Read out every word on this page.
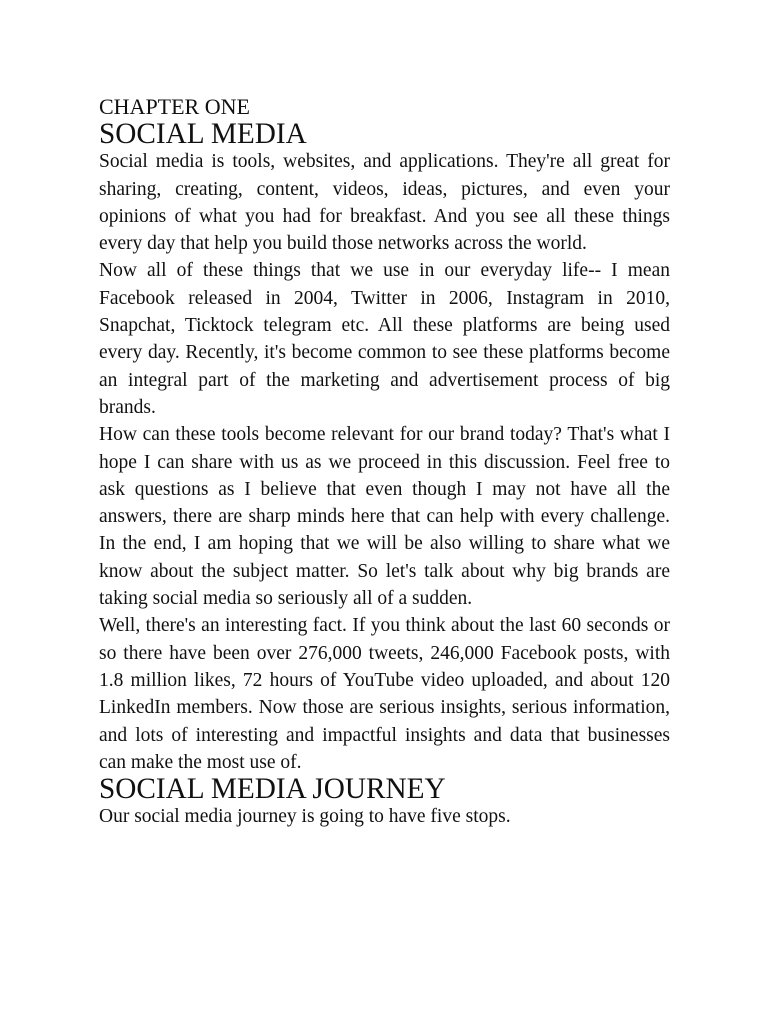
CHAPTER ONE
SOCIAL MEDIA

Social media is tools, websites, and applications. They're all great for sharing, creating, content, videos, ideas, pictures, and even your opinions of what you had for breakfast. And you see all these things every day that help you build those networks across the world.

Now all of these things that we use in our everyday life-- I mean Facebook released in 2004, Twitter in 2006, Instagram in 2010, Snapchat, Ticktock telegram etc. All these platforms are being used every day. Recently, it's become common to see these platforms become an integral part of the marketing and advertisement process of big brands.

How can these tools become relevant for our brand today? That's what I hope I can share with us as we proceed in this discussion. Feel free to ask questions as I believe that even though I may not have all the answers, there are sharp minds here that can help with every challenge. In the end, I am hoping that we will be also willing to share what we know about the subject matter. So let's talk about why big brands are taking social media so seriously all of a sudden.

Well, there's an interesting fact. If you think about the last 60 seconds or so there have been over 276,000 tweets, 246,000 Facebook posts, with 1.8 million likes, 72 hours of YouTube video uploaded, and about 120 LinkedIn members. Now those are serious insights, serious information, and lots of interesting and impactful insights and data that businesses can make the most use of.

SOCIAL MEDIA JOURNEY

Our social media journey is going to have five stops.
